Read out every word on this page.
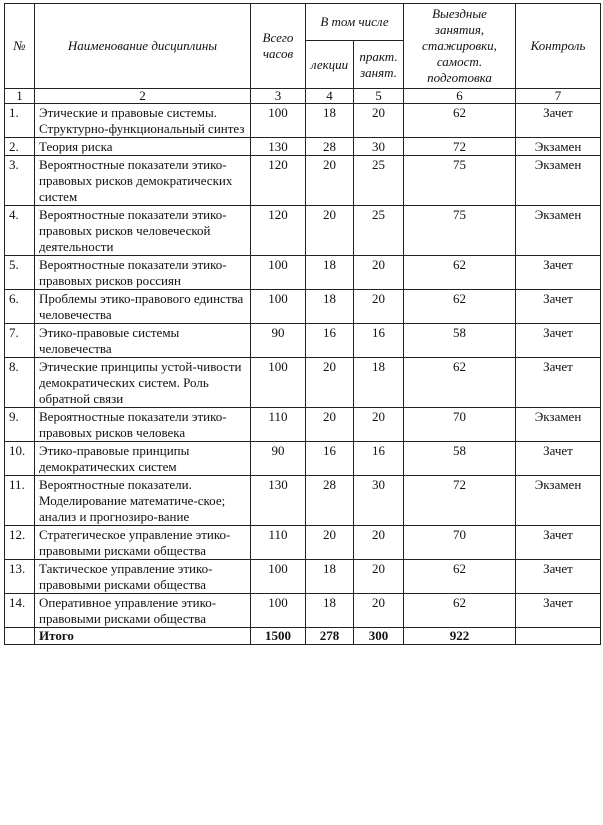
№	Наименование дисциплины	Всего часов	В том числе		Выездные занятия, стажировки, самост. подготовка	Контроль
			лекции	практ. занят.		
1	2	3	4	5	6	7
1.	Этические и правовые системы. Структурно-функциональный синтез	100	18	20	62	Зачет
2.	Теория риска	130	28	30	72	Экзамен
3.	Вероятностные показатели этико-правовых рисков демократических систем	120	20	25	75	Экзамен
4.	Вероятностные показатели этико-правовых рисков человеческой деятельности	120	20	25	75	Экзамен
5.	Вероятностные показатели этико-правовых рисков россиян	100	18	20	62	Зачет
6.	Проблемы этико-правового единства человечества	100	18	20	62	Зачет
7.	Этико-правовые системы человечества	90	16	16	58	Зачет
8.	Этические принципы устой-чивости демократических систем. Роль обратной связи	100	20	18	62	Зачет
9.	Вероятностные показатели этико-правовых рисков человека	110	20	20	70	Экзамен
10.	Этико-правовые принципы демократических систем	90	16	16	58	Зачет
11.	Вероятностные показатели. Моделирование математиче-ское; анализ и прогнозиро-вание	130	28	30	72	Экзамен
12.	Стратегическое управление этико-правовыми рисками общества	110	20	20	70	Зачет
13.	Тактическое управление этико-правовыми рисками общества	100	18	20	62	Зачет
14.	Оперативное управление этико-правовыми рисками общества	100	18	20	62	Зачет
	Итого	1500	278	300	922	
